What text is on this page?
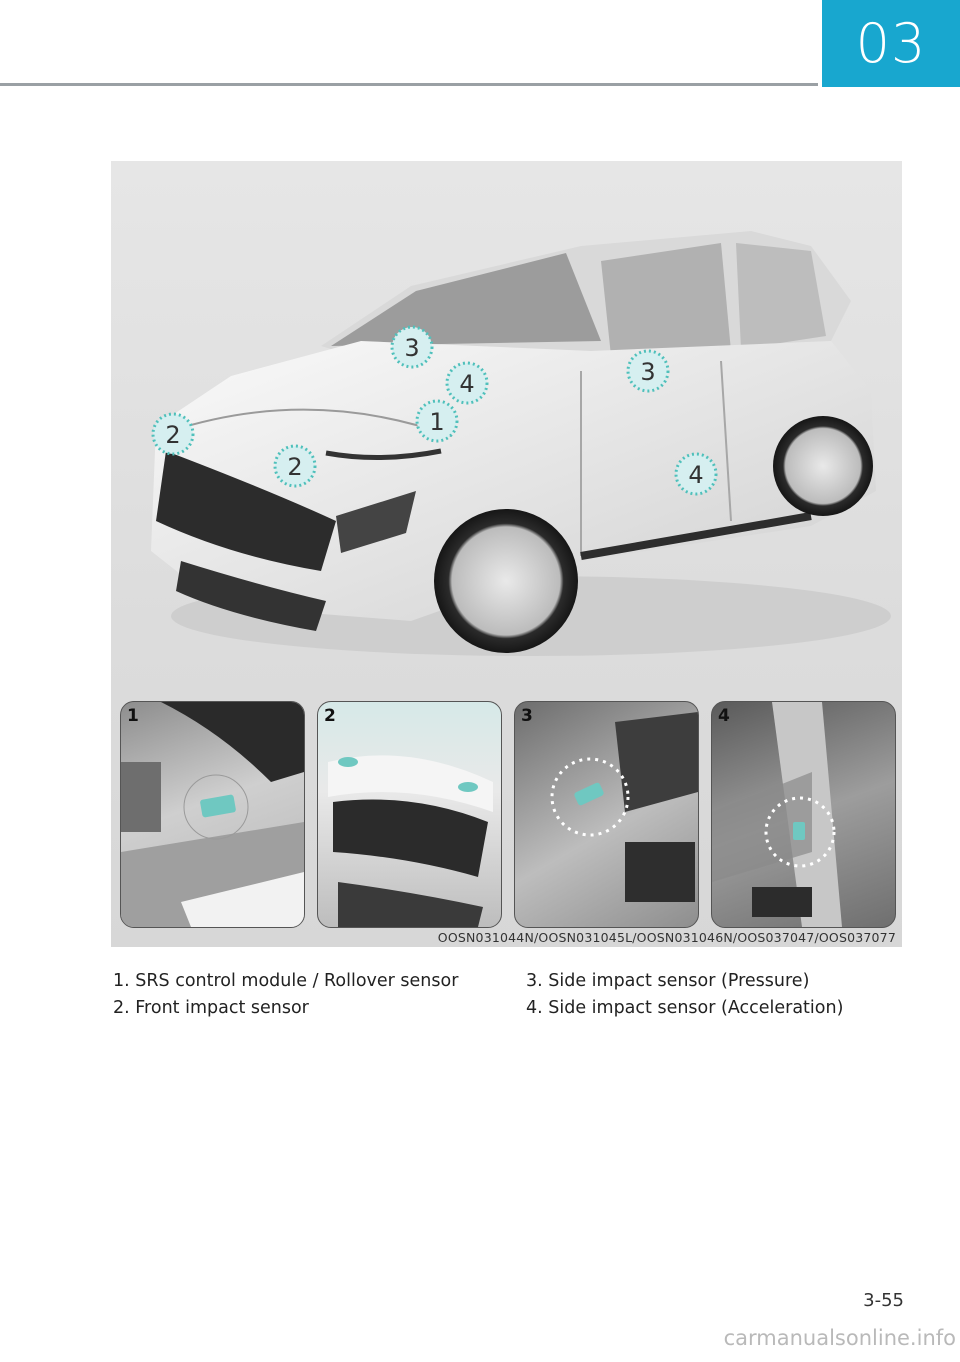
03
3
3
4
2	1
2	4
1	2	3	4
OOSN031044N/OOSN031045L/OOSN031046N/OOS037047/OOS037077
1. SRS control module / Rollover sensor
2. Front impact sensor
3. Side impact sensor (Pressure)
4. Side impact sensor (Acceleration)
3-55
carmanualsonline.info
